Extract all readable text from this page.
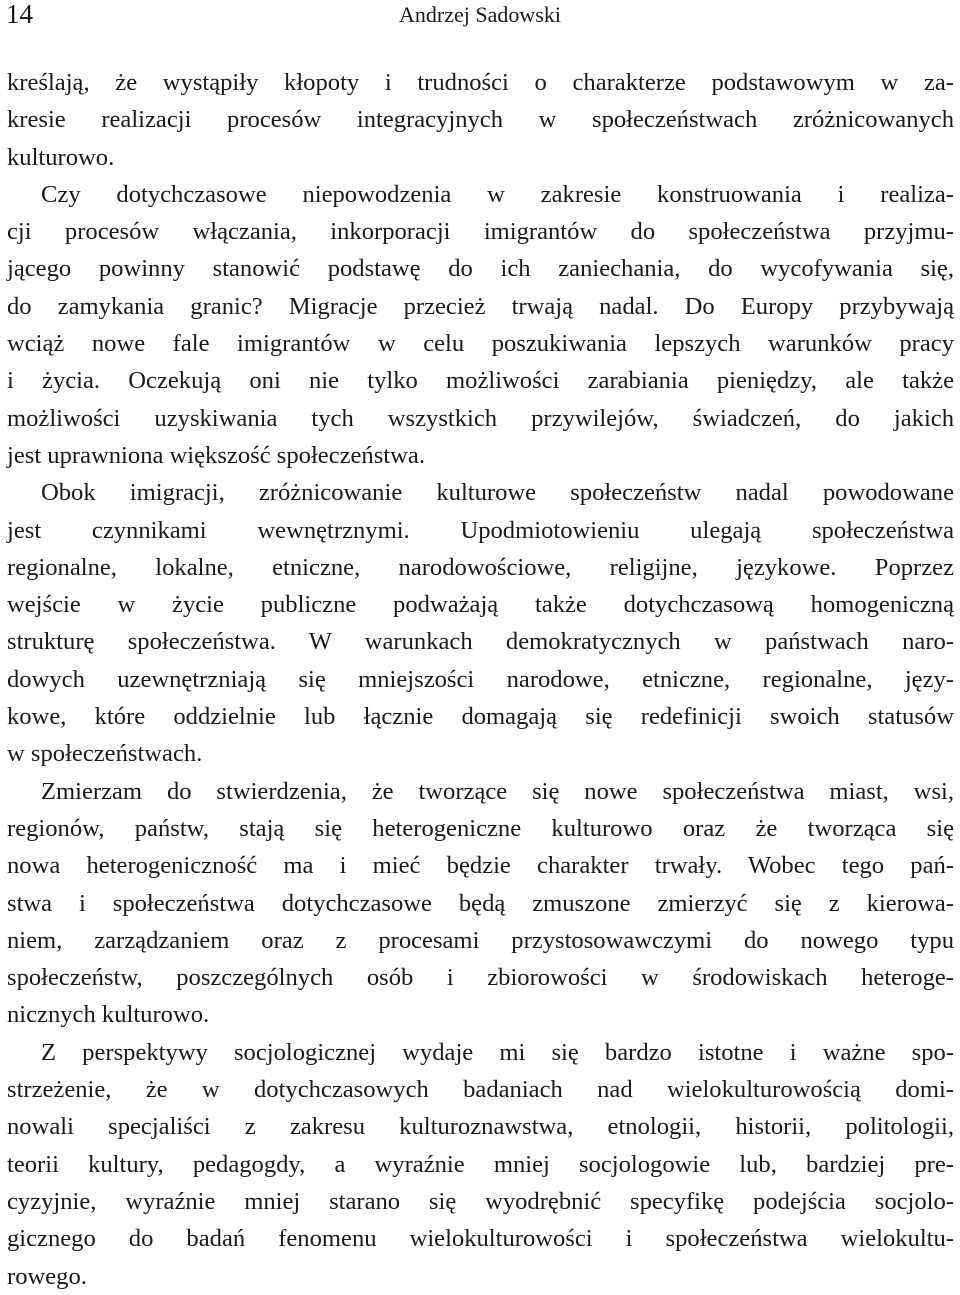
14	Andrzej Sadowski
kreślają, że wystąpiły kłopoty i trudności o charakterze podstawowym w za-
kresie realizacji procesów integracyjnych w społeczeństwach zróżnicowanych
kulturowo.
Czy dotychczasowe niepowodzenia w zakresie konstruowania i realiza-
cji procesów włączania, inkorporacji imigrantów do społeczeństwa przyjmu-
jącego powinny stanowić podstawę do ich zaniechania, do wycofywania się,
do zamykania granic? Migracje przecież trwają nadal. Do Europy przybywają
wciąż nowe fale imigrantów w celu poszukiwania lepszych warunków pracy
i życia. Oczekują oni nie tylko możliwości zarabiania pieniędzy, ale także
możliwości uzyskiwania tych wszystkich przywilejów, świadczeń, do jakich
jest uprawniona większość społeczeństwa.
Obok imigracji, zróżnicowanie kulturowe społeczeństw nadal powodowane
jest czynnikami wewnętrznymi. Upodmiotowieniu ulegają społeczeństwa
regionalne, lokalne, etniczne, narodowościowe, religijne, językowe. Poprzez
wejście w życie publiczne podważają także dotychczasową homogeniczną
strukturę społeczeństwa. W warunkach demokratycznych w państwach naro-
dowych uzewnętrzniają się mniejszości narodowe, etniczne, regionalne, języ-
kowe, które oddzielnie lub łącznie domagają się redefinicji swoich statusów
w społeczeństwach.
Zmierzam do stwierdzenia, że tworzące się nowe społeczeństwa miast, wsi,
regionów, państw, stają się heterogeniczne kulturowo oraz że tworząca się
nowa heterogeniczność ma i mieć będzie charakter trwały. Wobec tego pań-
stwa i społeczeństwa dotychczasowe będą zmuszone zmierzyć się z kierowa-
niem, zarządzaniem oraz z procesami przystosowawczymi do nowego typu
społeczeństw, poszczególnych osób i zbiorowości w środowiskach heteroge-
nicznych kulturowo.
Z perspektywy socjologicznej wydaje mi się bardzo istotne i ważne spo-
strzeżenie, że w dotychczasowych badaniach nad wielokulturowością domi-
nowali specjaliści z zakresu kulturoznawstwa, etnologii, historii, politologii,
teorii kultury, pedagogdy, a wyraźnie mniej socjologowie lub, bardziej pre-
cyzyjnie, wyraźnie mniej starano się wyodrębnić specyfikę podejścia socjolo-
gicznego do badań fenomenu wielokulturowości i społeczeństwa wielokultu-
rowego.
